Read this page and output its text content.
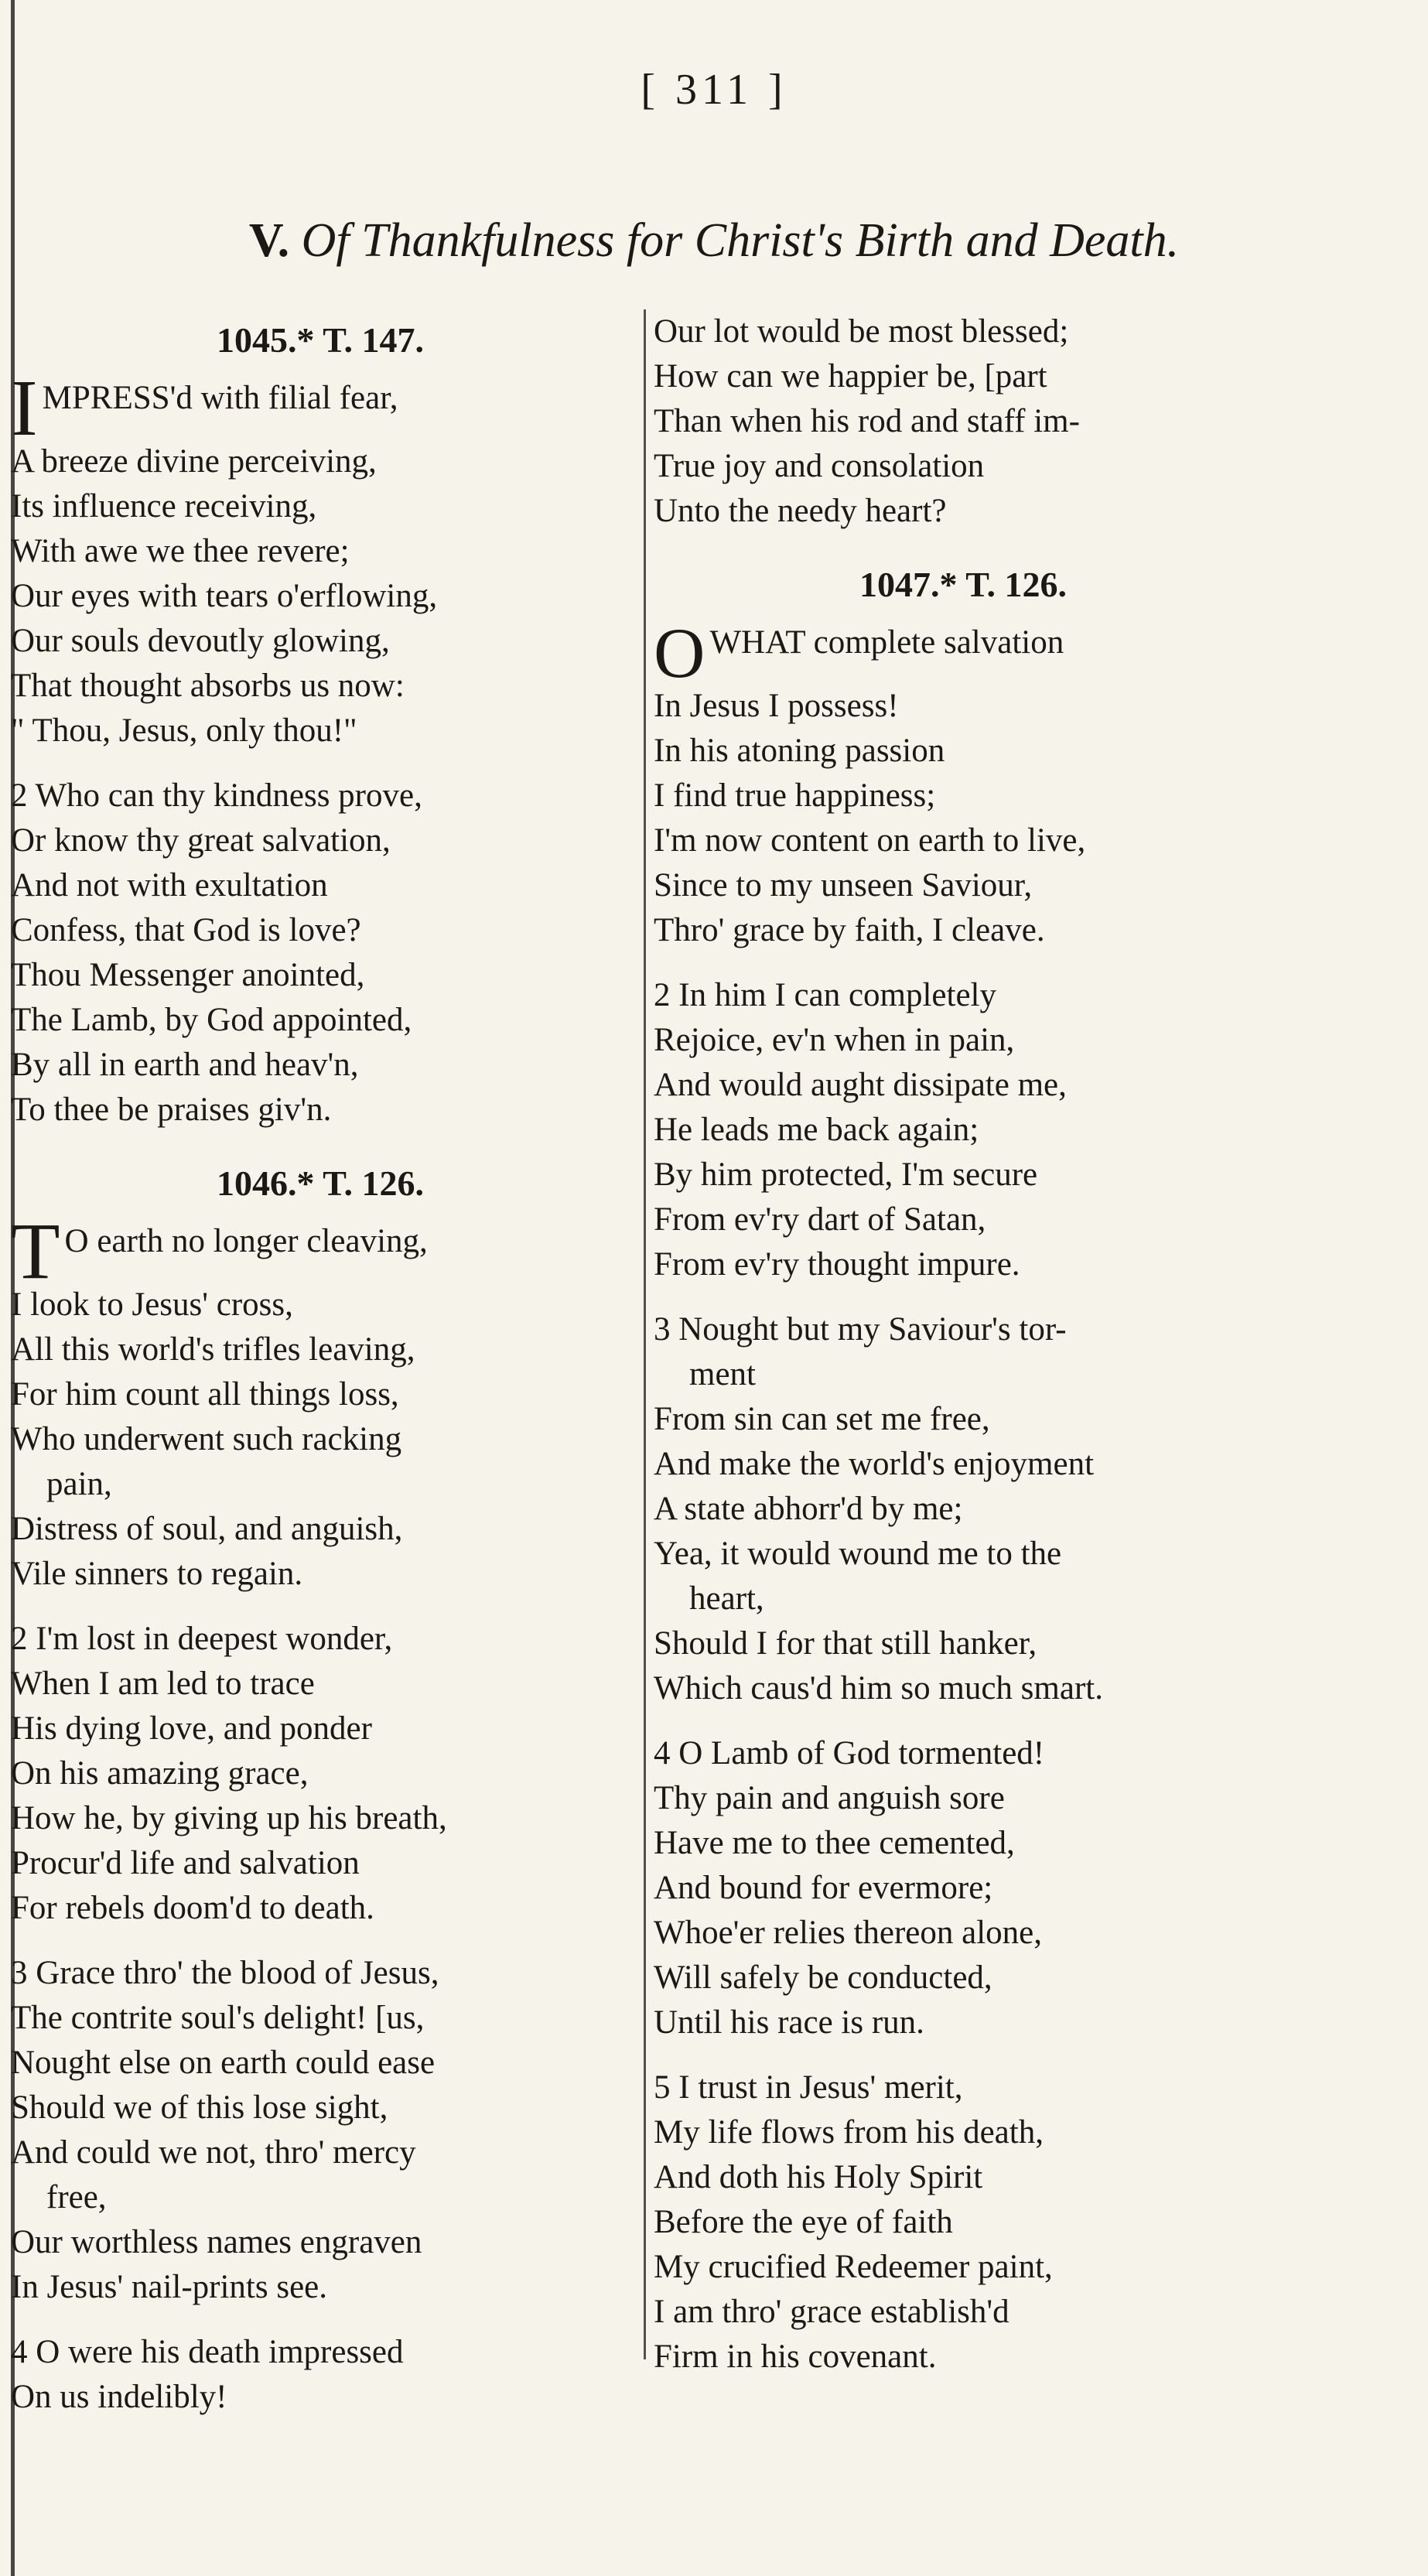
[ 311 ]
V. Of Thankfulness for Christ's Birth and Death.
1045.* T. 147.
I MPRESS'd with filial fear,
A breeze divine perceiving,
Its influence receiving,
With awe we thee revere;
Our eyes with tears o'erflowing,
Our souls devoutly glowing,
That thought absorbs us now:
" Thou, Jesus, only thou!"
2 Who can thy kindness prove,
Or know thy great salvation,
And not with exultation
Confess, that God is love?
Thou Messenger anointed,
The Lamb, by God appointed,
By all in earth and heav'n,
To thee be praises giv'n.
1046.* T. 126.
T O earth no longer cleaving,
I look to Jesus' cross,
All this world's trifles leaving,
For him count all things loss,
Who underwent such racking
pain,
Distress of soul, and anguish,
Vile sinners to regain.
2 I'm lost in deepest wonder,
When I am led to trace
His dying love, and ponder
On his amazing grace,
How he, by giving up his breath,
Procur'd life and salvation
For rebels doom'd to death.
3 Grace thro' the blood of Jesus,
The contrite soul's delight! [us,
Nought else on earth could ease
Should we of this lose sight,
And could we not, thro' mercy
free,
Our worthless names engraven
In Jesus' nail-prints see.
4 O were his death impressed
On us indelibly!
Our lot would be most blessed;
How can we happier be, [part
Than when his rod and staff im-
True joy and consolation
Unto the needy heart?
1047.* T. 126.
O WHAT complete salvation
In Jesus I possess!
In his atoning passion
I find true happiness;
I'm now content on earth to live,
Since to my unseen Saviour,
Thro' grace by faith, I cleave.
2 In him I can completely
Rejoice, ev'n when in pain,
And would aught dissipate me,
He leads me back again;
By him protected, I'm secure
From ev'ry dart of Satan,
From ev'ry thought impure.
3 Nought but my Saviour's tor-
ment
From sin can set me free,
And make the world's enjoyment
A state abhorr'd by me;
Yea, it would wound me to the
heart,
Should I for that still hanker,
Which caus'd him so much smart.
4 O Lamb of God tormented!
Thy pain and anguish sore
Have me to thee cemented,
And bound for evermore;
Whoe'er relies thereon alone,
Will safely be conducted,
Until his race is run.
5 I trust in Jesus' merit,
My life flows from his death,
And doth his Holy Spirit
Before the eye of faith
My crucified Redeemer paint,
I am thro' grace establish'd
Firm in his covenant.
